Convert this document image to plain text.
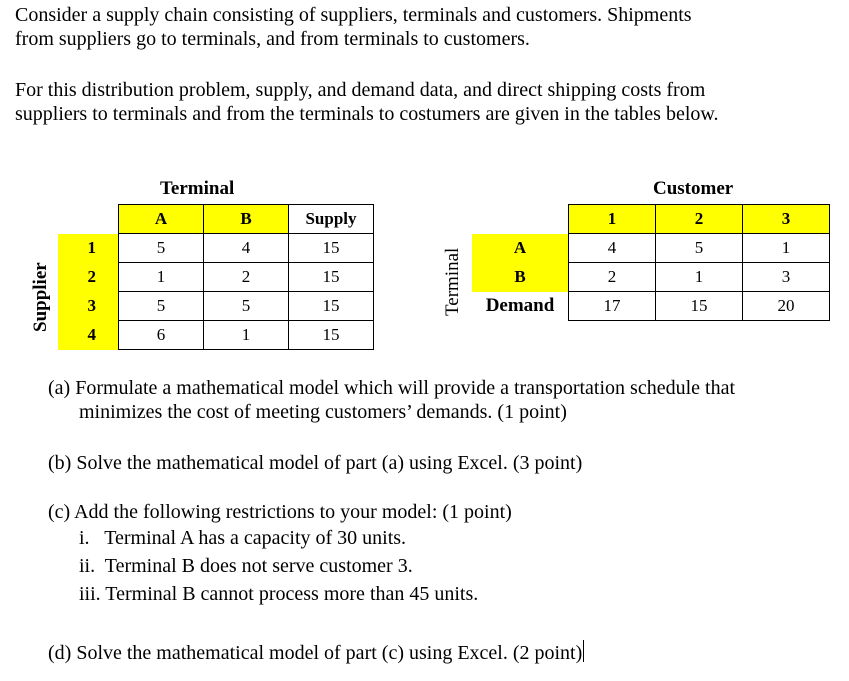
Consider a supply chain consisting of suppliers, terminals and customers. Shipments
from suppliers go to terminals, and from terminals to customers.
For this distribution problem, supply, and demand data, and direct shipping costs from
suppliers to terminals and from the terminals to costumers are given in the tables below.
Terminal
Supplier
	A	B	Supply
1	5	4	15
2	1	2	15
3	5	5	15
4	6	1	15
Customer
Terminal
	1	2	3
A	4	5	1
B	2	1	3
Demand	17	15	20
(a) Formulate a mathematical model which will provide a transportation schedule that
minimizes the cost of meeting customers’ demands. (1 point)
(b) Solve the mathematical model of part (a) using Excel. (3 point)
(c) Add the following restrictions to your model: (1 point)
i.   Terminal A has a capacity of 30 units.
ii.  Terminal B does not serve customer 3.
iii. Terminal B cannot process more than 45 units.
(d) Solve the mathematical model of part (c) using Excel. (2 point)
